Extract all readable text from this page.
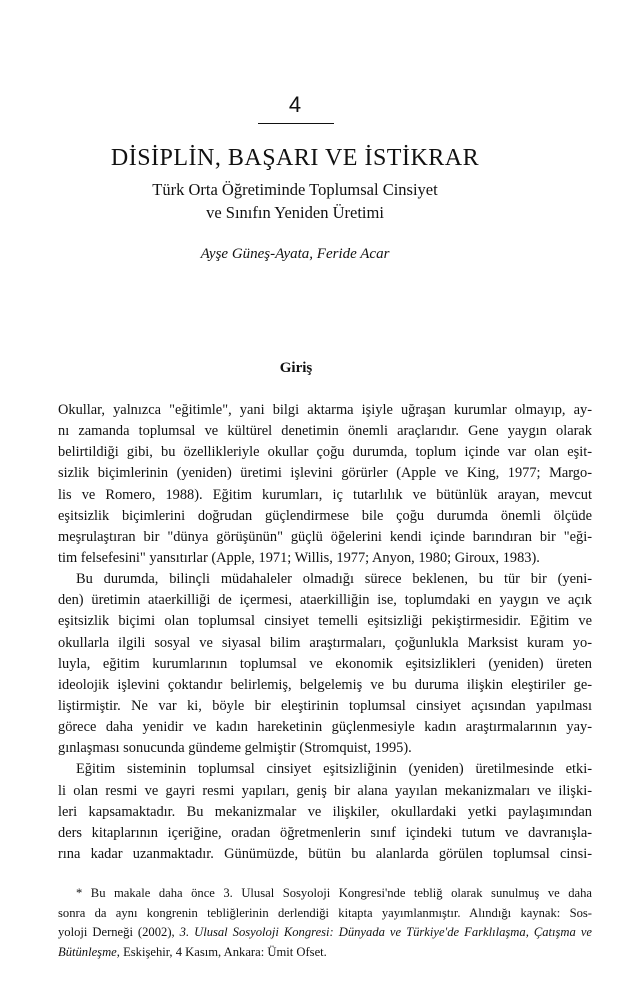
4
DİSİPLİN, BAŞARI VE İSTİKRAR
Türk Orta Öğretiminde Toplumsal Cinsiyet
ve Sınıfın Yeniden Üretimi
Ayşe Güneş-Ayata, Feride Acar
Giriş
Okullar, yalnızca "eğitimle", yani bilgi aktarma işiyle uğraşan kurumlar olmayıp, ay-
nı zamanda toplumsal ve kültürel denetimin önemli araçlarıdır. Gene yaygın olarak
belirtildiği gibi, bu özellikleriyle okullar çoğu durumda, toplum içinde var olan eşit-
sizlik biçimlerinin (yeniden) üretimi işlevini görürler (Apple ve King, 1977; Margo-
lis ve Romero, 1988). Eğitim kurumları, iç tutarlılık ve bütünlük arayan, mevcut
eşitsizlik biçimlerini doğrudan güçlendirmese bile çoğu durumda önemli ölçüde
meşrulaştıran bir "dünya görüşünün" güçlü öğelerini kendi içinde barındıran bir "eği-
tim felsefesini" yansıtırlar (Apple, 1971; Willis, 1977; Anyon, 1980; Giroux, 1983).
Bu durumda, bilinçli müdahaleler olmadığı sürece beklenen, bu tür bir (yeni-
den) üretimin ataerkilliği de içermesi, ataerkilliğin ise, toplumdaki en yaygın ve açık
eşitsizlik biçimi olan toplumsal cinsiyet temelli eşitsizliği pekiştirmesidir. Eğitim ve
okullarla ilgili sosyal ve siyasal bilim araştırmaları, çoğunlukla Marksist kuram yo-
luyla, eğitim kurumlarının toplumsal ve ekonomik eşitsizlikleri (yeniden) üreten
ideolojik işlevini çoktandır belirlemiş, belgelemiş ve bu duruma ilişkin eleştiriler ge-
liştirmiştir. Ne var ki, böyle bir eleştirinin toplumsal cinsiyet açısından yapılması
görece daha yenidir ve kadın hareketinin güçlenmesiyle kadın araştırmalarının yay-
gınlaşması sonucunda gündeme gelmiştir (Stromquist, 1995).
Eğitim sisteminin toplumsal cinsiyet eşitsizliğinin (yeniden) üretilmesinde etki-
li olan resmi ve gayri resmi yapıları, geniş bir alana yayılan mekanizmaları ve ilişki-
leri kapsamaktadır. Bu mekanizmalar ve ilişkiler, okullardaki yetki paylaşımından
ders kitaplarının içeriğine, oradan öğretmenlerin sınıf içindeki tutum ve davranışla-
rına kadar uzanmaktadır. Günümüzde, bütün bu alanlarda görülen toplumsal cinsi-
* Bu makale daha önce 3. Ulusal Sosyoloji Kongresi'nde tebliğ olarak sunulmuş ve daha
sonra da aynı kongrenin tebliğlerinin derlendiği kitapta yayımlanmıştır. Alındığı kaynak: Sos-
yoloji Derneği (2002), 3. Ulusal Sosyoloji Kongresi: Dünyada ve Türkiye'de Farklılaşma, Çatışma ve
Bütünleşme, Eskişehir, 4 Kasım, Ankara: Ümit Ofset.
